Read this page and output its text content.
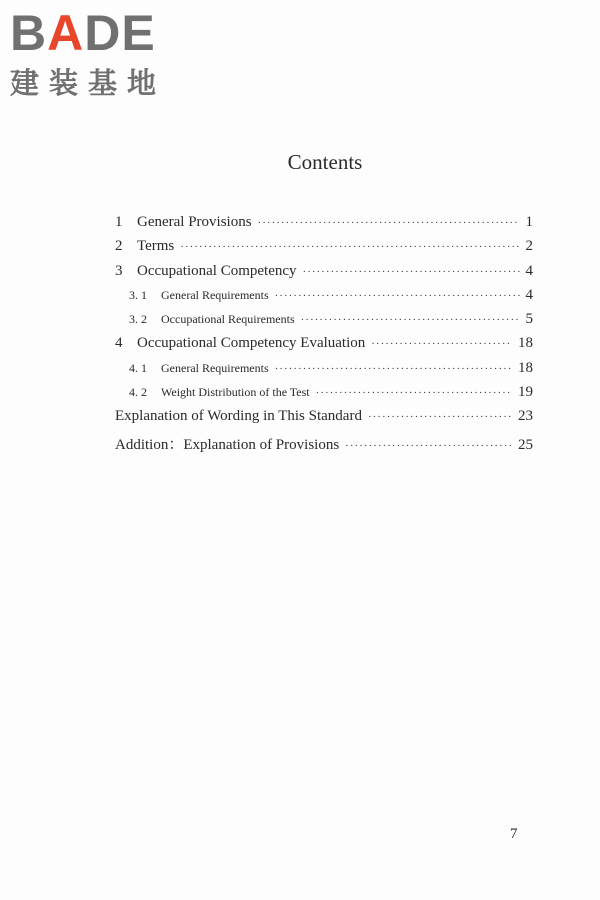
BADE
建装基地
Contents
1 General Provisions ·····	1
2 Terms ·····	2
3 Occupational Competency ·····	4
3. 1	General Requirements ·····	4
3. 2	Occupational Requirements ·····	5
4 Occupational Competency Evaluation ·····	18
4. 1	General Requirements ·····	18
4. 2	Weight Distribution of the Test ·····	19
Explanation of Wording in This Standard ·····	23
Addition：Explanation of Provisions ·····	25
7
